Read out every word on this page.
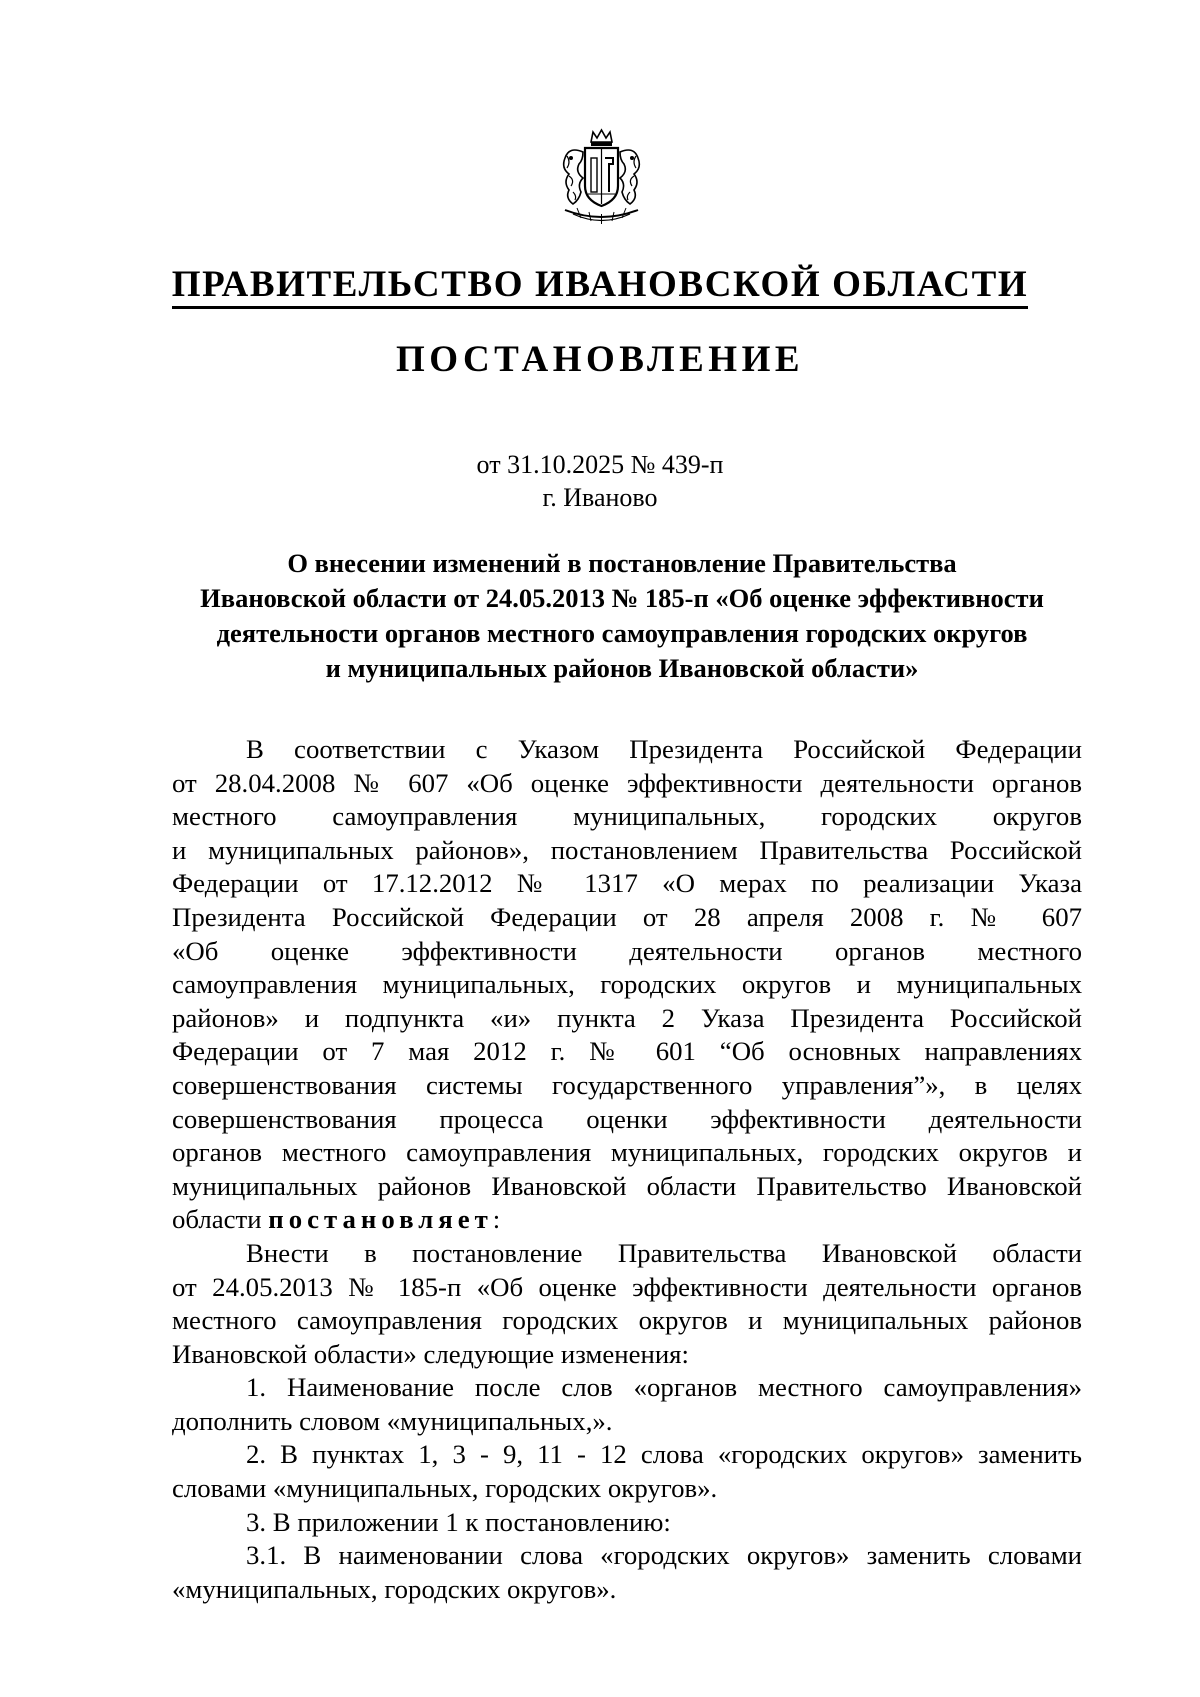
ПРАВИТЕЛЬСТВО ИВАНОВСКОЙ ОБЛАСТИ
ПОСТАНОВЛЕНИЕ
от 31.10.2025 № 439-п
г. Иваново
О внесении изменений в постановление Правительства
Ивановской области от 24.05.2013 № 185-п «Об оценке эффективности
деятельности органов местного самоуправления городских округов
и муниципальных районов Ивановской области»
В соответствии с Указом Президента Российской Федерации
от 28.04.2008 № 607 «Об оценке эффективности деятельности органов
местного самоуправления муниципальных, городских округов
и муниципальных районов», постановлением Правительства Российской
Федерации от 17.12.2012 № 1317 «О мерах по реализации Указа
Президента Российской Федерации от 28 апреля 2008 г. № 607
«Об оценке эффективности деятельности органов местного
самоуправления муниципальных, городских округов и муниципальных
районов» и подпункта «и» пункта 2 Указа Президента Российской
Федерации от 7 мая 2012 г. № 601 “Об основных направлениях
совершенствования системы государственного управления”», в целях
совершенствования процесса оценки эффективности деятельности
органов местного самоуправления муниципальных, городских округов и
муниципальных районов Ивановской области Правительство Ивановской
области постановляет:
Внести в постановление Правительства Ивановской области
от 24.05.2013 № 185-п «Об оценке эффективности деятельности органов
местного самоуправления городских округов и муниципальных районов
Ивановской области» следующие изменения:
1. Наименование после слов «органов местного самоуправления»
дополнить словом «муниципальных,».
2. В пунктах 1, 3 - 9, 11 - 12 слова «городских округов» заменить
словами «муниципальных, городских округов».
3. В приложении 1 к постановлению:
3.1. В наименовании слова «городских округов» заменить словами
«муниципальных, городских округов».
